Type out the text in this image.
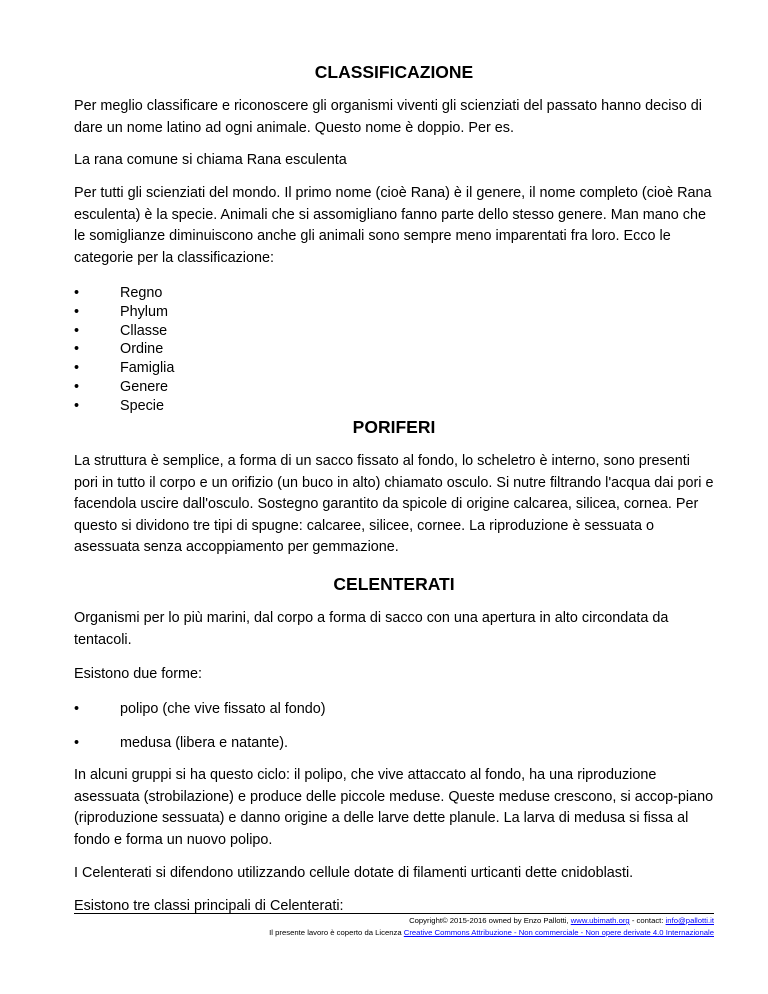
CLASSIFICAZIONE

Per meglio classificare e riconoscere gli organismi viventi gli scienziati del passato hanno deciso di dare un nome latino ad ogni animale. Questo nome è doppio. Per es.

La rana comune si chiama Rana esculenta

Per tutti gli scienziati del mondo. Il primo nome (cioè Rana) è il genere, il nome completo (cioè Rana esculenta) è la specie. Animali che si assomigliano fanno parte dello stesso genere. Man mano che le somiglianze diminuiscono anche gli animali sono sempre meno imparentati fra loro. Ecco le categorie per la classificazione:

•	Regno
•	Phylum
•	Cllasse
•	Ordine
•	Famiglia
•	Genere
•	Specie
PORIFERI

La struttura è semplice, a forma di un sacco fissato al fondo, lo scheletro è interno, sono presenti pori in tutto il corpo e un orifizio (un buco in alto) chiamato osculo. Si nutre filtrando l'acqua dai pori e facendola uscire dall'osculo. Sostegno garantito da spicole di origine calcarea, silicea, cornea. Per questo si dividono tre tipi di spugne: calcaree, silicee, cornee. La riproduzione è sessuata o asessuata senza accoppiamento per gemmazione.

CELENTERATI

Organismi per lo più marini, dal corpo a forma di sacco con una apertura in alto circondata da tentacoli.

Esistono due forme:

•	polipo (che vive fissato al fondo)
•	medusa (libera e natante).

In alcuni gruppi si ha questo ciclo: il polipo, che vive attaccato al fondo, ha una riproduzione asessuata (strobilazione) e produce delle piccole meduse. Queste meduse crescono, si accop-piano (riproduzione sessuata) e danno origine a delle larve dette planule. La larva di medusa si fissa al fondo e forma un nuovo polipo.

I Celenterati si difendono utilizzando cellule dotate di filamenti urticanti dette cnidoblasti.

Esistono tre classi principali di Celenterati:

Copyright© 2015-2016 owned by Enzo Pallotti, www.ubimath.org - contact: info@pallotti.it
Il presente lavoro è coperto da Licenza Creative Commons Attribuzione - Non commerciale - Non opere derivate 4.0 Internazionale
